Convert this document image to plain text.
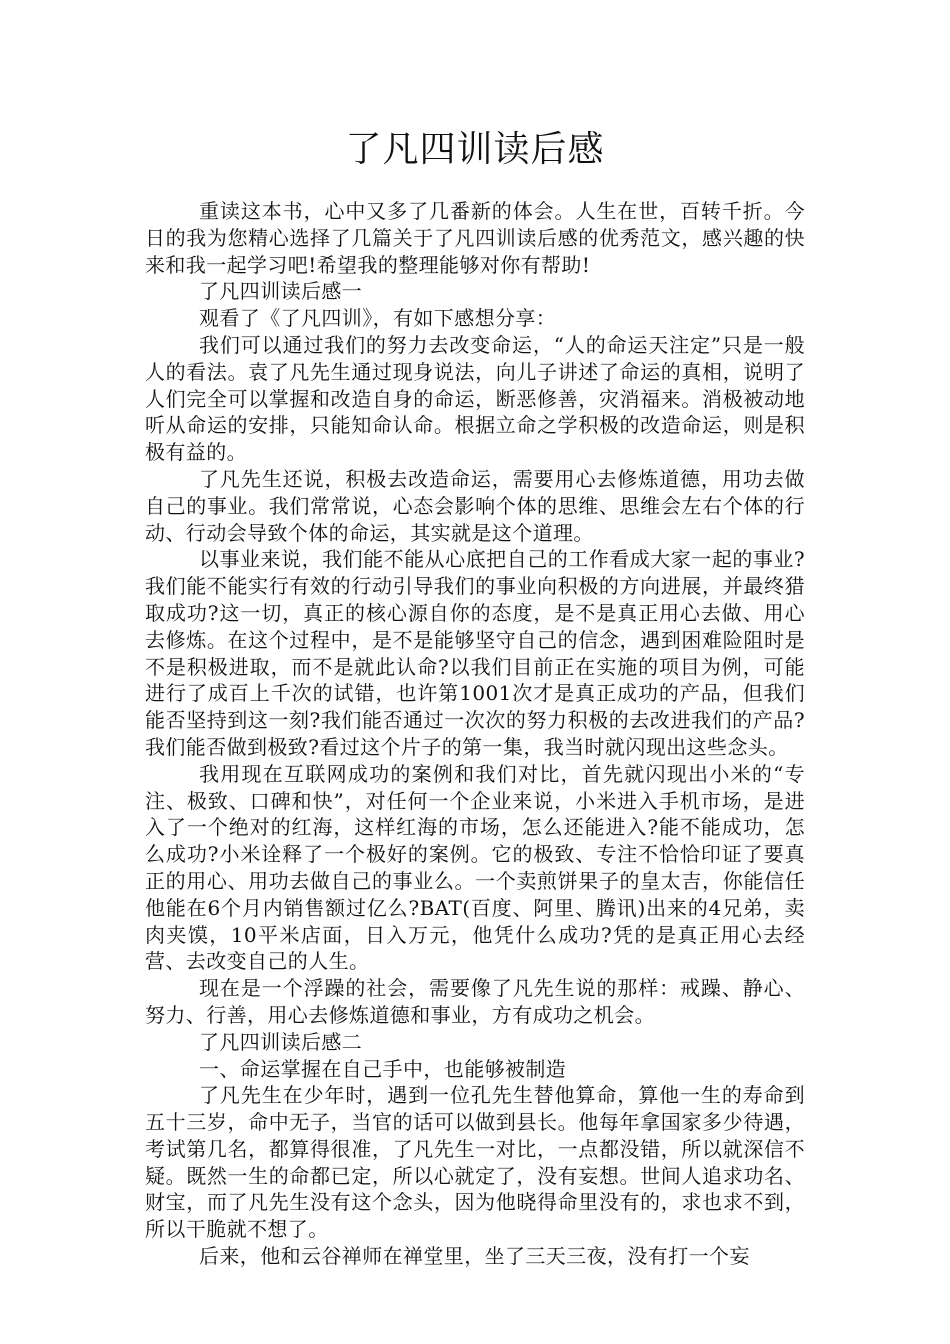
了凡四训读后感

重读这本书，心中又多了几番新的体会。人生在世，百转千折。今日的我为您精心选择了几篇关于了凡四训读后感的优秀范文，感兴趣的快来和我一起学习吧!希望我的整理能够对你有帮助!

了凡四训读后感一

观看了《了凡四训》，有如下感想分享：

我们可以通过我们的努力去改变命运，“人的命运天注定”只是一般人的看法。袁了凡先生通过现身说法，向儿子讲述了命运的真相，说明了人们完全可以掌握和改造自身的命运，断恶修善，灾消福来。消极被动地听从命运的安排，只能知命认命。根据立命之学积极的改造命运，则是积极有益的。

了凡先生还说，积极去改造命运，需要用心去修炼道德，用功去做自己的事业。我们常常说，心态会影响个体的思维、思维会左右个体的行动、行动会导致个体的命运，其实就是这个道理。

以事业来说，我们能不能从心底把自己的工作看成大家一起的事业?我们能不能实行有效的行动引导我们的事业向积极的方向进展，并最终猎取成功?这一切，真正的核心源自你的态度，是不是真正用心去做、用心去修炼。在这个过程中，是不是能够坚守自己的信念，遇到困难险阻时是不是积极进取，而不是就此认命?以我们目前正在实施的项目为例，可能进行了成百上千次的试错，也许第1001次才是真正成功的产品，但我们能否坚持到这一刻?我们能否通过一次次的努力积极的去改进我们的产品?我们能否做到极致?看过这个片子的第一集，我当时就闪现出这些念头。

我用现在互联网成功的案例和我们对比，首先就闪现出小米的“专注、极致、口碑和快”，对任何一个企业来说，小米进入手机市场，是进入了一个绝对的红海，这样红海的市场，怎么还能进入?能不能成功，怎么成功?小米诠释了一个极好的案例。它的极致、专注不恰恰印证了要真正的用心、用功去做自己的事业么。一个卖煎饼果子的皇太吉，你能信任他能在6个月内销售额过亿么?BAT(百度、阿里、腾讯)出来的4兄弟，卖肉夹馍，10平米店面，日入万元，他凭什么成功?凭的是真正用心去经营、去改变自己的人生。

现在是一个浮躁的社会，需要像了凡先生说的那样：戒躁、静心、努力、行善，用心去修炼道德和事业，方有成功之机会。

了凡四训读后感二

一、命运掌握在自己手中，也能够被制造

了凡先生在少年时，遇到一位孔先生替他算命，算他一生的寿命到五十三岁，命中无子，当官的话可以做到县长。他每年拿国家多少待遇，考试第几名，都算得很准，了凡先生一对比，一点都没错，所以就深信不疑。既然一生的命都已定，所以心就定了，没有妄想。世间人追求功名、财宝，而了凡先生没有这个念头，因为他晓得命里没有的，求也求不到，所以干脆就不想了。

后来，他和云谷禅师在禅堂里，坐了三天三夜，没有打一个妄
